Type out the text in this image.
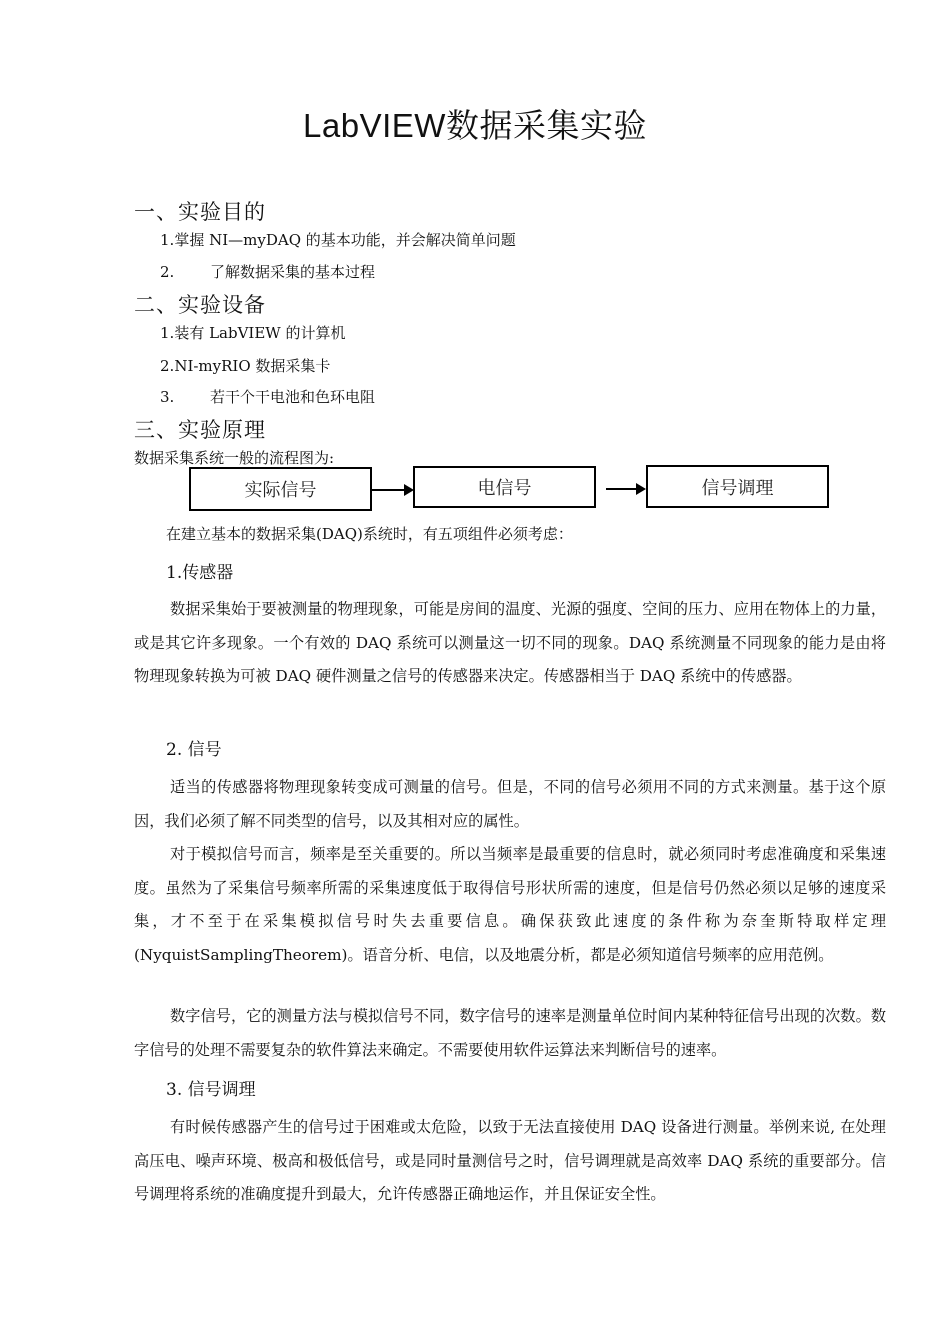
LabVIEW数据采集实验
一、实验目的
1.掌握 NI—myDAQ 的基本功能，并会解决简单问题
2. 了解数据采集的基本过程
二、实验设备
1.装有 LabVIEW 的计算机
2.NI-myRIO 数据采集卡
3. 若干个干电池和色环电阻
三、实验原理
数据采集系统一般的流程图为:
实际信号	电信号	信号调理
在建立基本的数据采集(DAQ)系统时，有五项组件必须考虑：
1.传感器

数据采集始于要被测量的物理现象，可能是房间的温度、光源的强度、空间的压力、应用在物体上的力量，或是其它许多现象。一个有效的 DAQ 系统可以测量这一切不同的现象。DAQ 系统测量不同现象的能力是由将物理现象转换为可被 DAQ 硬件测量之信号的传感器来决定。传感器相当于 DAQ 系统中的传感器。

2. 信号

适当的传感器将物理现象转变成可测量的信号。但是，不同的信号必须用不同的方式来测量。基于这个原因，我们必须了解不同类型的信号，以及其相对应的属性。

对于模拟信号而言，频率是至关重要的。所以当频率是最重要的信息时，就必须同时考虑准确度和采集速度。虽然为了采集信号频率所需的采集速度低于取得信号形状所需的速度，但是信号仍然必须以足够的速度采集，才不至于在采集模拟信号时失去重要信息。确保获致此速度的条件称为奈奎斯特取样定理(NyquistSamplingTheorem)。语音分析、电信，以及地震分析，都是必须知道信号频率的应用范例。

数字信号，它的测量方法与模拟信号不同，数字信号的速率是测量单位时间内某种特征信号出现的次数。数字信号的处理不需要复杂的软件算法来确定。不需要使用软件运算法来判断信号的速率。

3. 信号调理

有时候传感器产生的信号过于困难或太危险，以致于无法直接使用 DAQ 设备进行测量。举例来说, 在处理高压电、噪声环境、极高和极低信号，或是同时量测信号之时，信号调理就是高效率 DAQ 系统的重要部分。信号调理将系统的准确度提升到最大，允许传感器正确地运作，并且保证安全性。
